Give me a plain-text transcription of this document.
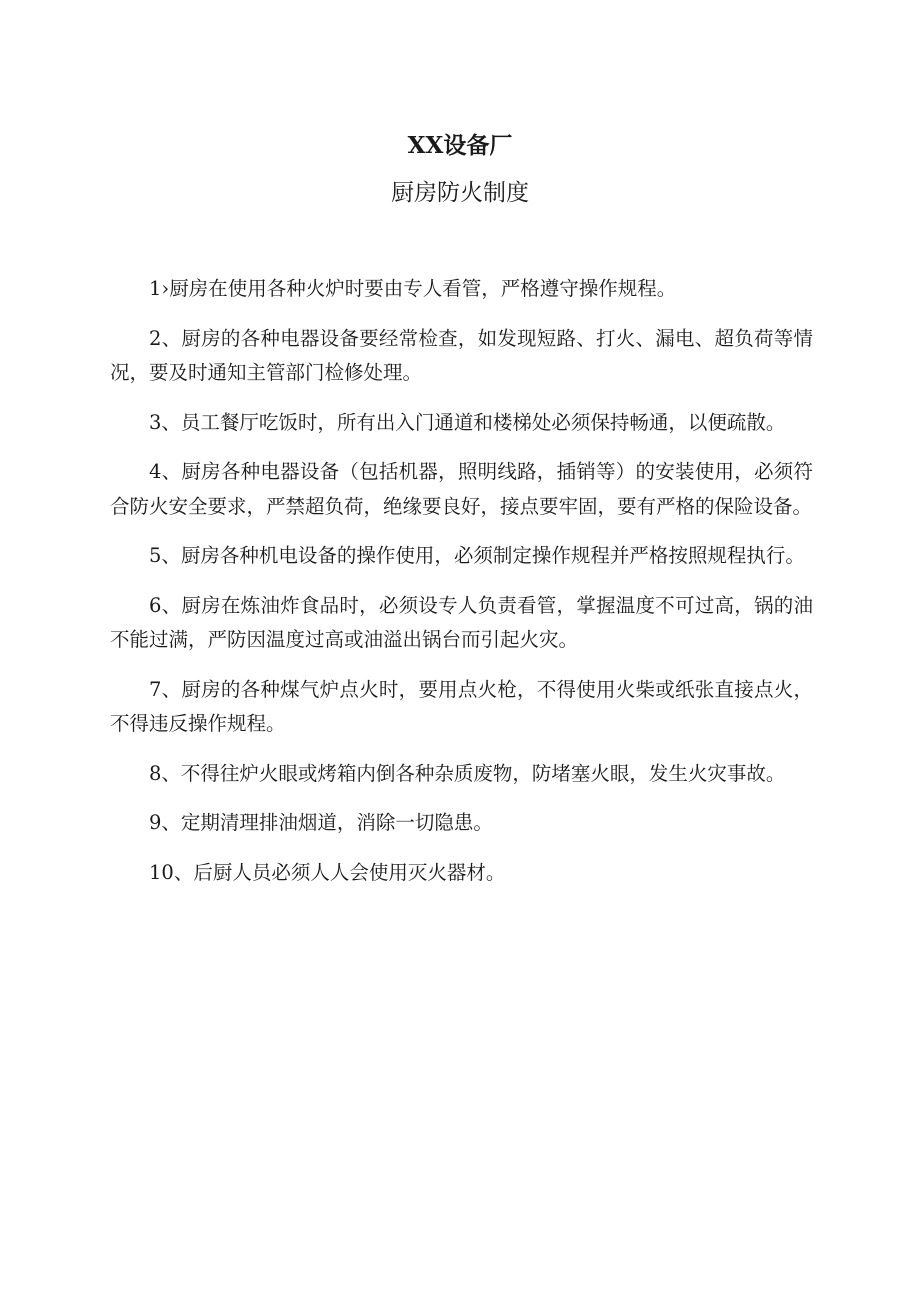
XX设备厂
厨房防火制度

1›厨房在使用各种火炉时要由专人看管，严格遵守操作规程。

2、厨房的各种电器设备要经常检查，如发现短路、打火、漏电、超负荷等情况，要及时通知主管部门检修处理。

3、员工餐厅吃饭时，所有出入门通道和楼梯处必须保持畅通，以便疏散。

4、厨房各种电器设备（包括机器，照明线路，插销等）的安装使用，必须符合防火安全要求，严禁超负荷，绝缘要良好，接点要牢固，要有严格的保险设备。

5、厨房各种机电设备的操作使用，必须制定操作规程并严格按照规程执行。

6、厨房在炼油炸食品时，必须设专人负责看管，掌握温度不可过高，锅的油不能过满，严防因温度过高或油溢出锅台而引起火灾。

7、厨房的各种煤气炉点火时，要用点火枪，不得使用火柴或纸张直接点火，不得违反操作规程。

8、不得往炉火眼或烤箱内倒各种杂质废物，防堵塞火眼，发生火灾事故。

9、定期清理排油烟道，消除一切隐患。

10、后厨人员必须人人会使用灭火器材。
